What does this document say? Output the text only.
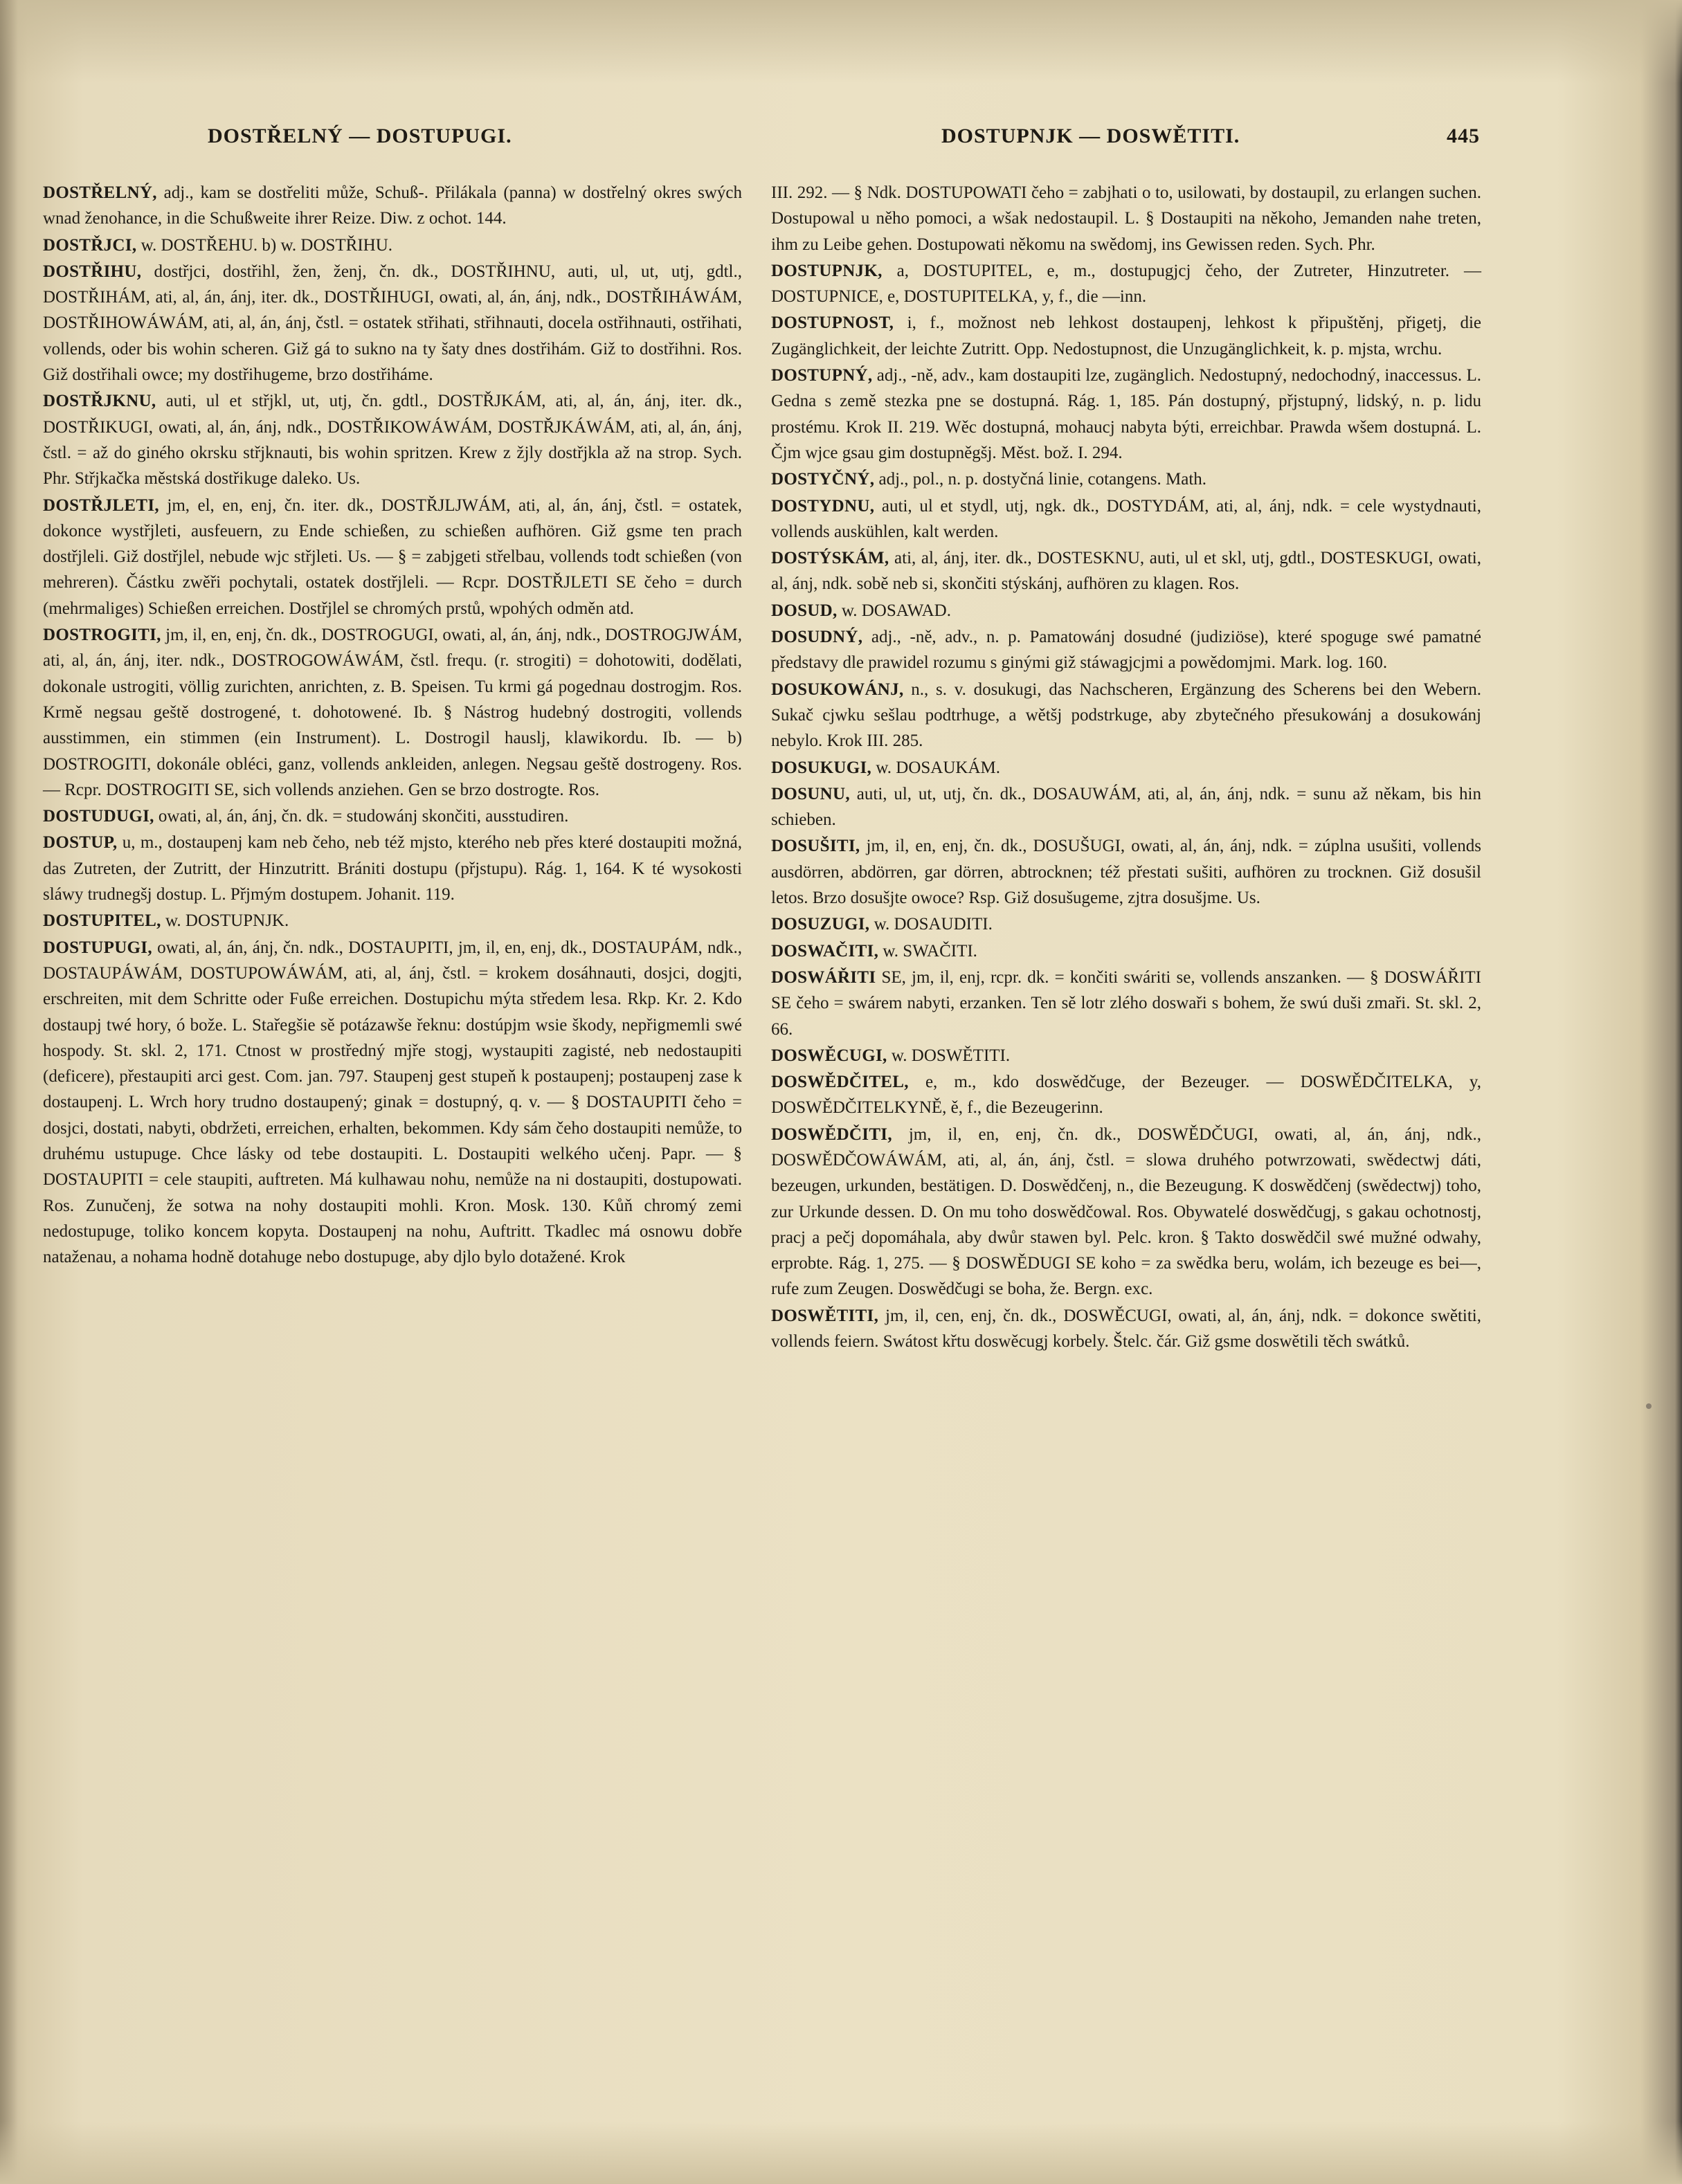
DOSTŘELNÝ — DOSTUPUGI.	DOSTUPNJK — DOSWĚTITI.	445

DOSTŘELNÝ, adj., kam se dostřeliti může, Schuß-. Přilákala (panna) w dostřelný okres swých wnad ženohance, in die Schußweite ihrer Reize. Diw. z ochot. 144.

DOSTŘJCI, w. DOSTŘEHU. b) w. DOSTŘIHU.

DOSTŘIHU, dostřjci, dostřihl, žen, ženj, čn. dk., DOSTŘIHNU, auti, ul, ut, utj, gdtl., DOSTŘIHÁM, ati, al, án, ánj, iter. dk., DOSTŘIHUGI, owati, al, án, ánj, ndk., DOSTŘIHÁWÁM, DOSTŘIHOWÁWÁM, ati, al, án, ánj, čstl. = ostatek střihati, střihnauti, docela ostřihnauti, ostřihati, vollends, oder bis wohin scheren. Giž gá to sukno na ty šaty dnes dostřihám. Giž to dostřihni. Ros. Giž dostřihali owce; my dostřihugeme, brzo dostřiháme.

DOSTŘJKNU, auti, ul et střjkl, ut, utj, čn. gdtl., DOSTŘJKÁM, ati, al, án, ánj, iter. dk., DOSTŘIKUGI, owati, al, án, ánj, ndk., DOSTŘIKOWÁWÁM, DOSTŘJKÁWÁM, ati, al, án, ánj, čstl. = až do giného okrsku střjknauti, bis wohin spritzen. Krew z žjly dostřjkla až na strop. Sych. Phr. Střjkačka městská dostřikuge daleko. Us.

DOSTŘJLETI, jm, el, en, enj, čn. iter. dk., DOSTŘJLJWÁM, ati, al, án, ánj, čstl. = ostatek, dokonce wystřjleti, ausfeuern, zu Ende schießen, zu schießen aufhören. Giž gsme ten prach dostřjleli. Giž dostřjlel, nebude wjc střjleti. Us. — § = zabjgeti střelbau, vollends todt schießen (von mehreren). Částku zwěři pochytali, ostatek dostřjleli. — Rcpr. DOSTŘJLETI SE čeho = durch (mehrmaliges) Schießen erreichen. Dostřjlel se chromých prstů, wpohých odměn atd.

DOSTROGITI, jm, il, en, enj, čn. dk., DOSTROGUGI, owati, al, án, ánj, ndk., DOSTROGJWÁM, ati, al, án, ánj, iter. ndk., DOSTROGOWÁWÁM, čstl. frequ. (r. strogiti) = dohotowiti, dodělati, dokonale ustrogiti, völlig zurichten, anrichten, z. B. Speisen. Tu krmi gá pogednau dostrogjm. Ros. Krmě negsau geště dostrogené, t. dohotowené. Ib. § Nástrog hudebný dostrogiti, vollends ausstimmen, ein stimmen (ein Instrument). L. Dostrogil hauslj, klawikordu. Ib. — b) DOSTROGITI, dokonále obléci, ganz, vollends ankleiden, anlegen. Negsau geště dostrogeny. Ros. — Rcpr. DOSTROGITI SE, sich vollends anziehen. Gen se brzo dostrogte. Ros.

DOSTUDUGI, owati, al, án, ánj, čn. dk. = studowánj skončiti, ausstudiren.

DOSTUP, u, m., dostaupenj kam neb čeho, neb též mjsto, kterého neb přes které dostaupiti možná, das Zutreten, der Zutritt, der Hinzutritt. Brániti dostupu (přjstupu). Rág. 1, 164. K té wysokosti sláwy trudnegšj dostup. L. Přjmým dostupem. Johanit. 119.

DOSTUPITEL, w. DOSTUPNJK.

DOSTUPUGI, owati, al, án, ánj, čn. ndk., DOSTAUPITI, jm, il, en, enj, dk., DOSTAUPÁM, ndk., DOSTAUPÁWÁM, DOSTUPOWÁWÁM, ati, al, ánj, čstl. = krokem dosáhnauti, dosjci, dogjti, erschreiten, mit dem Schritte oder Fuße erreichen. Dostupichu mýta středem lesa. Rkp. Kr. 2. Kdo dostaupj twé hory, ó bože. L. Stařegšie sě potázawše řeknu: dostúpjm wsie škody, nepřigmemli swé hospody. St. skl. 2, 171. Ctnost w prostředný mjře stogj, wystaupiti zagisté, neb nedostaupiti (deficere), přestaupiti arci gest. Com. jan. 797. Staupenj gest stupeň k postaupenj; postaupenj zase k dostaupenj. L. Wrch hory trudno dostaupený; ginak = dostupný, q. v. — § DOSTAUPITI čeho = dosjci, dostati, nabyti, obdržeti, erreichen, erhalten, bekommen. Kdy sám čeho dostaupiti nemůže, to druhému ustupuge. Chce lásky od tebe dostaupiti. L. Dostaupiti welkého učenj. Papr. — § DOSTAUPITI = cele staupiti, auftreten. Má kulhawau nohu, nemůže na ni dostaupiti, dostupowati. Ros. Zunučenj, že sotwa na nohy dostaupiti mohli. Kron. Mosk. 130. Kůň chromý zemi nedostupuge, toliko koncem kopyta. Dostaupenj na nohu, Auftritt. Tkadlec má osnowu dobře nataženau, a nohama hodně dotahuge nebo dostupuge, aby djlo bylo dotažené. Krok

III. 292. — § Ndk. DOSTUPOWATI čeho = zabjhati o to, usilowati, by dostaupil, zu erlangen suchen. Dostupowal u něho pomoci, a wšak nedostaupil. L. § Dostaupiti na někoho, Jemanden nahe treten, ihm zu Leibe gehen. Dostupowati někomu na swědomj, ins Gewissen reden. Sych. Phr.

DOSTUPNJK, a, DOSTUPITEL, e, m., dostupugjcj čeho, der Zutreter, Hinzutreter. — DOSTUPNICE, e, DOSTUPITELKA, y, f., die —inn.

DOSTUPNOST, i, f., možnost neb lehkost dostaupenj, lehkost k připuštěnj, přigetj, die Zugänglichkeit, der leichte Zutritt. Opp. Nedostupnost, die Unzugänglichkeit, k. p. mjsta, wrchu.

DOSTUPNÝ, adj., -ně, adv., kam dostaupiti lze, zugänglich. Nedostupný, nedochodný, inaccessus. L. Gedna s země stezka pne se dostupná. Rág. 1, 185. Pán dostupný, přjstupný, lidský, n. p. lidu prostému. Krok II. 219. Wěc dostupná, mohaucj nabyta býti, erreichbar. Prawda wšem dostupná. L. Čjm wjce gsau gim dostupněgšj. Měst. bož. I. 294.

DOSTYČNÝ, adj., pol., n. p. dostyčná linie, cotangens. Math.

DOSTYDNU, auti, ul et stydl, utj, ngk. dk., DOSTYDÁM, ati, al, ánj, ndk. = cele wystydnauti, vollends auskühlen, kalt werden.

DOSTÝSKÁM, ati, al, ánj, iter. dk., DOSTESKNU, auti, ul et skl, utj, gdtl., DOSTESKUGI, owati, al, ánj, ndk. sobě neb si, skončiti stýskánj, aufhören zu klagen. Ros.

DOSUD, w. DOSAWAD.

DOSUDNÝ, adj., -ně, adv., n. p. Pamatowánj dosudné (judiziöse), které spoguge swé pamatné představy dle prawidel rozumu s ginými giž stáwagjcjmi a powědomjmi. Mark. log. 160.

DOSUKOWÁNJ, n., s. v. dosukugi, das Nachscheren, Ergänzung des Scherens bei den Webern. Sukač cjwku sešlau podtrhuge, a wětšj podstrkuge, aby zbytečného přesukowánj a dosukowánj nebylo. Krok III. 285.

DOSUKUGI, w. DOSAUKÁM.

DOSUNU, auti, ul, ut, utj, čn. dk., DOSAUWÁM, ati, al, án, ánj, ndk. = sunu až někam, bis hin schieben.

DOSUŠITI, jm, il, en, enj, čn. dk., DOSUŠUGI, owati, al, án, ánj, ndk. = zúplna usušiti, vollends ausdörren, abdörren, gar dörren, abtrocknen; též přestati sušiti, aufhören zu trocknen. Giž dosušil letos. Brzo dosušjte owoce? Rsp. Giž dosušugeme, zjtra dosušjme. Us.

DOSUZUGI, w. DOSAUDITI.

DOSWAČITI, w. SWAČITI.

DOSWÁŘITI SE, jm, il, enj, rcpr. dk. = končiti swáriti se, vollends anszanken. — § DOSWÁŘITI SE čeho = swárem nabyti, erzanken. Ten sě lotr zlého doswaři s bohem, že swú duši zmaři. St. skl. 2, 66.

DOSWĚCUGI, w. DOSWĚTITI.

DOSWĚDČITEL, e, m., kdo doswědčuge, der Bezeuger. — DOSWĚDČITELKA, y, DOSWĚDČITELKYNĚ, ě, f., die Bezeugerinn.

DOSWĚDČITI, jm, il, en, enj, čn. dk., DOSWĚDČUGI, owati, al, án, ánj, ndk., DOSWĚDČOWÁWÁM, ati, al, án, ánj, čstl. = slowa druhého potwrzowati, swědectwj dáti, bezeugen, urkunden, bestätigen. D. Doswědčenj, n., die Bezeugung. K doswědčenj (swědectwj) toho, zur Urkunde dessen. D. On mu toho doswědčowal. Ros. Obywatelé doswědčugj, s gakau ochotnostj, pracj a pečj dopomáhala, aby dwůr stawen byl. Pelc. kron. § Takto doswědčil swé mužné odwahy, erprobte. Rág. 1, 275. — § DOSWĚDUGI SE koho = za swědka beru, wolám, ich bezeuge es bei—, rufe zum Zeugen. Doswědčugi se boha, že. Bergn. exc.

DOSWĚTITI, jm, il, cen, enj, čn. dk., DOSWĚCUGI, owati, al, án, ánj, ndk. = dokonce swětiti, vollends feiern. Swátost křtu doswěcugj korbely. Štelc. čár. Giž gsme doswětili těch swátků.
